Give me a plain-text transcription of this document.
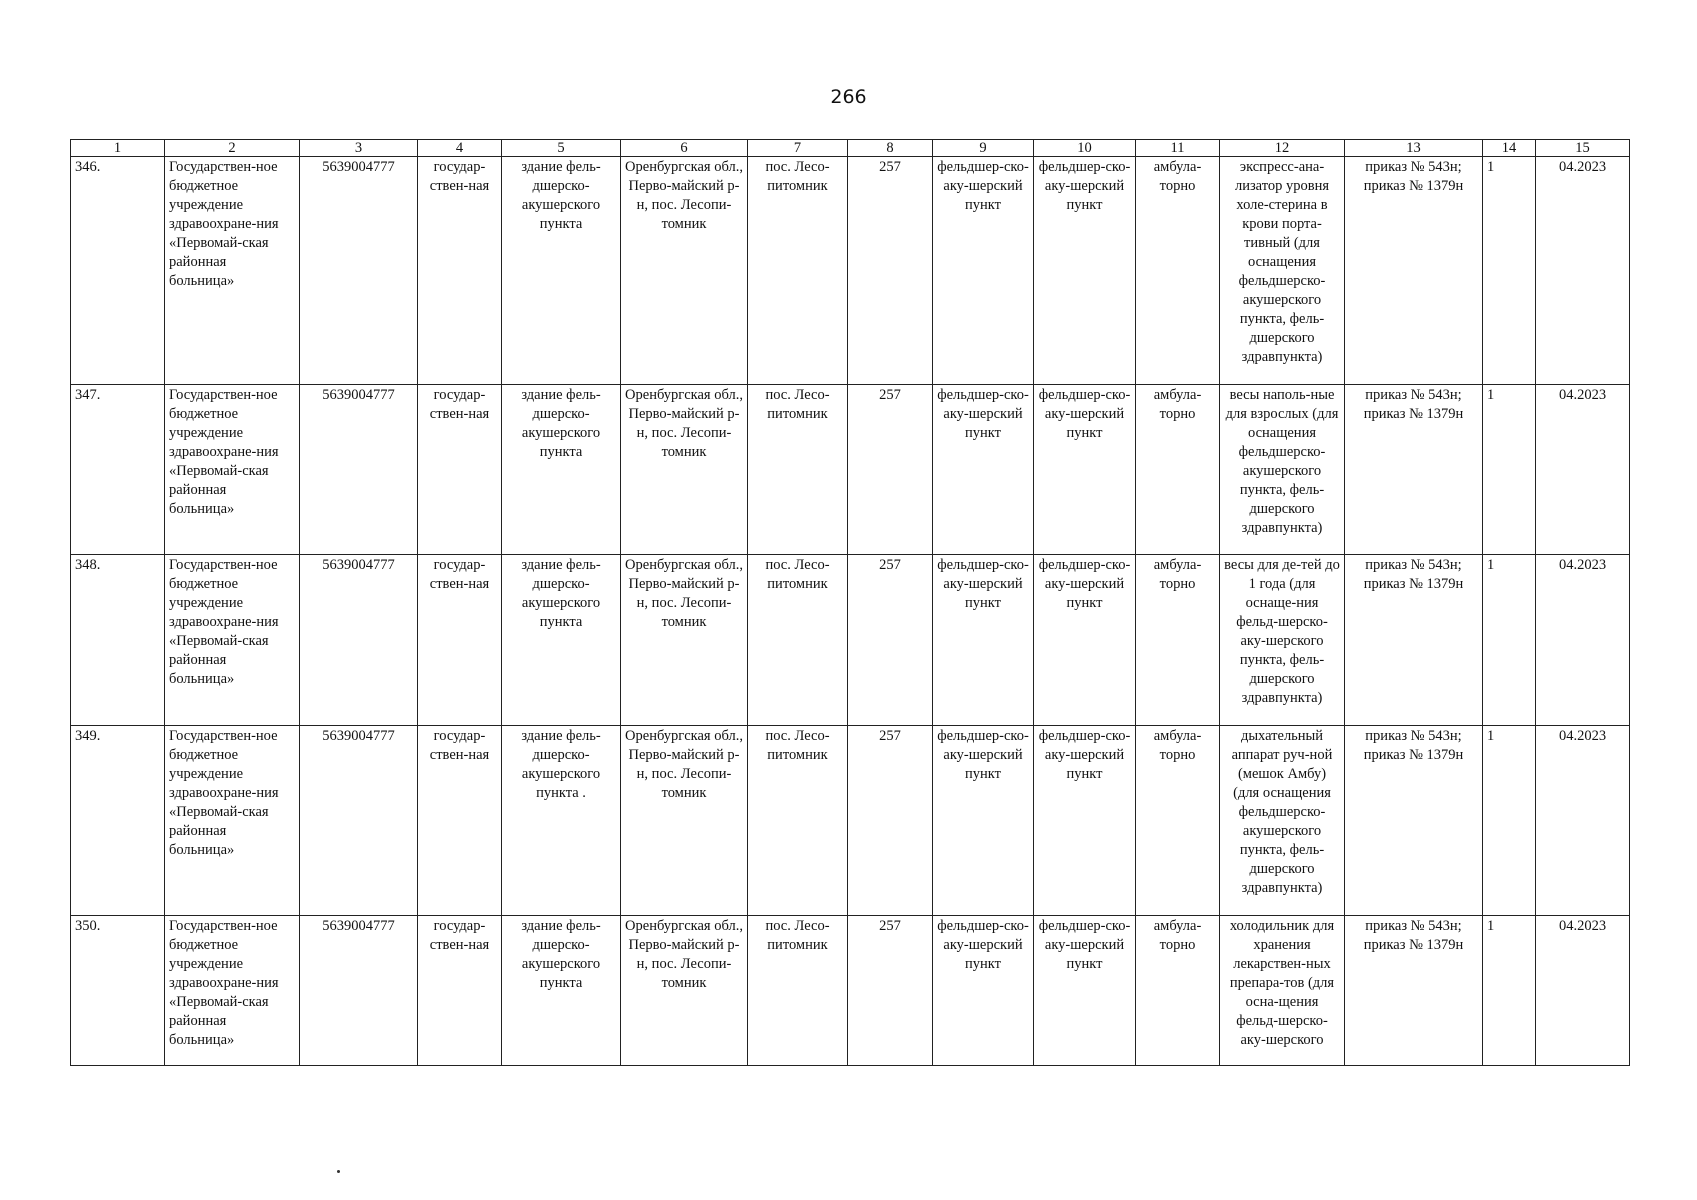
266
1	2	3	4	5	6	7	8	9	10	11	12	13	14	15
346.	Государствен-ное бюджетное учреждение здравоохране-ния «Первомай-ская районная больница»	5639004777	государ-ствен-ная	здание фель-дшерско-акушерского пункта	Оренбургская обл., Перво-майский р-н, пос. Лесопи-томник	пос. Лесо-питомник	257	фельдшер-ско-аку-шерский пункт	фельдшер-ско-аку-шерский пункт	амбула-торно	экспресс-ана-лизатор уровня холе-стерина в крови порта-тивный (для оснащения фельдшерско-акушерского пункта, фель-дшерского здравпункта)	приказ № 543н; приказ № 1379н	1	04.2023
347.	Государствен-ное бюджетное учреждение здравоохране-ния «Первомай-ская районная больница»	5639004777	государ-ствен-ная	здание фель-дшерско-акушерского пункта	Оренбургская обл., Перво-майский р-н, пос. Лесопи-томник	пос. Лесо-питомник	257	фельдшер-ско-аку-шерский пункт	фельдшер-ско-аку-шерский пункт	амбула-торно	весы наполь-ные для взрослых (для оснащения фельдшерско-акушерского пункта, фель-дшерского здравпункта)	приказ № 543н; приказ № 1379н	1	04.2023
348.	Государствен-ное бюджетное учреждение здравоохране-ния «Первомай-ская районная больница»	5639004777	государ-ствен-ная	здание фель-дшерско-акушерского пункта	Оренбургская обл., Перво-майский р-н, пос. Лесопи-томник	пос. Лесо-питомник	257	фельдшер-ско-аку-шерский пункт	фельдшер-ско-аку-шерский пункт	амбула-торно	весы для де-тей до 1 года (для оснаще-ния фельд-шерско-аку-шерского пункта, фель-дшерского здравпункта)	приказ № 543н; приказ № 1379н	1	04.2023
349.	Государствен-ное бюджетное учреждение здравоохране-ния «Первомай-ская районная больница»	5639004777	государ-ствен-ная	здание фель-дшерско-акушерского пункта .	Оренбургская обл., Перво-майский р-н, пос. Лесопи-томник	пос. Лесо-питомник	257	фельдшер-ско-аку-шерский пункт	фельдшер-ско-аку-шерский пункт	амбула-торно	дыхательный аппарат руч-ной (мешок Амбу) (для оснащения фельдшерско-акушерского пункта, фель-дшерского здравпункта)	приказ № 543н; приказ № 1379н	1	04.2023
350.	Государствен-ное бюджетное учреждение здравоохране-ния «Первомай-ская районная больница»	5639004777	государ-ствен-ная	здание фель-дшерско-акушерского пункта	Оренбургская обл., Перво-майский р-н, пос. Лесопи-томник	пос. Лесо-питомник	257	фельдшер-ско-аку-шерский пункт	фельдшер-ско-аку-шерский пункт	амбула-торно	холодильник для хранения лекарствен-ных препара-тов (для осна-щения фельд-шерско-аку-шерского	приказ № 543н; приказ № 1379н	1	04.2023
